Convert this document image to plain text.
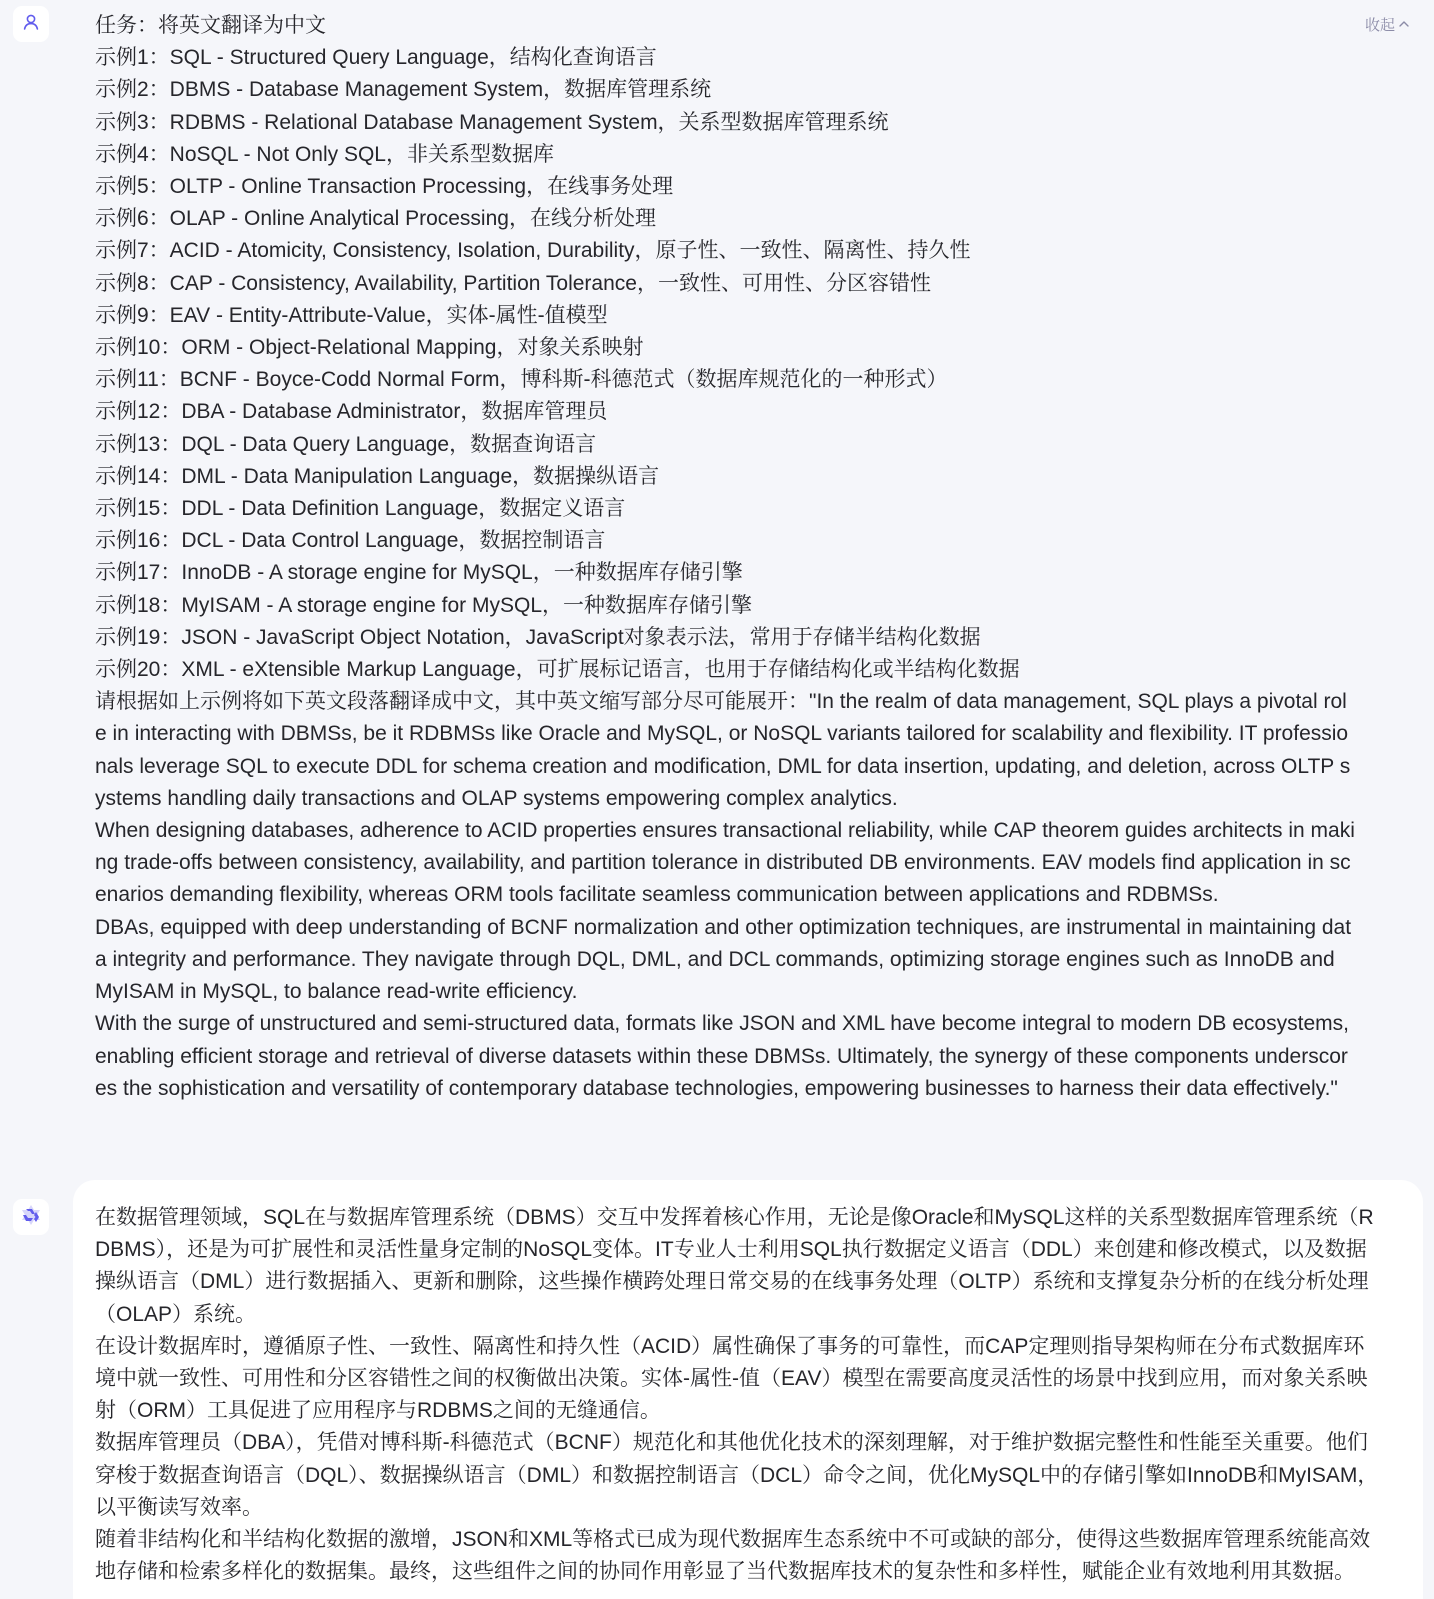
收起
任务：将英文翻译为中文
示例1：SQL - Structured Query Language，结构化查询语言
示例2：DBMS - Database Management System，数据库管理系统
示例3：RDBMS - Relational Database Management System，关系型数据库管理系统
示例4：NoSQL - Not Only SQL，非关系型数据库
示例5：OLTP - Online Transaction Processing，在线事务处理
示例6：OLAP - Online Analytical Processing，在线分析处理
示例7：ACID - Atomicity, Consistency, Isolation, Durability，原子性、一致性、隔离性、持久性
示例8：CAP - Consistency, Availability, Partition Tolerance，一致性、可用性、分区容错性
示例9：EAV - Entity-Attribute-Value，实体-属性-值模型
示例10：ORM - Object-Relational Mapping，对象关系映射
示例11：BCNF - Boyce-Codd Normal Form，博科斯-科德范式（数据库规范化的一种形式）
示例12：DBA - Database Administrator，数据库管理员
示例13：DQL - Data Query Language，数据查询语言
示例14：DML - Data Manipulation Language，数据操纵语言
示例15：DDL - Data Definition Language，数据定义语言
示例16：DCL - Data Control Language，数据控制语言
示例17：InnoDB - A storage engine for MySQL，一种数据库存储引擎
示例18：MyISAM - A storage engine for MySQL，一种数据库存储引擎
示例19：JSON - JavaScript Object Notation，JavaScript对象表示法，常用于存储半结构化数据
示例20：XML - eXtensible Markup Language，可扩展标记语言，也用于存储结构化或半结构化数据
请根据如上示例将如下英文段落翻译成中文，其中英文缩写部分尽可能展开："In the realm of data management, SQL plays a pivotal role in interacting with DBMSs, be it RDBMSs like Oracle and MySQL, or NoSQL variants tailored for scalability and flexibility. IT professionals leverage SQL to execute DDL for schema creation and modification, DML for data insertion, updating, and deletion, across OLTP systems handling daily transactions and OLAP systems empowering complex analytics.
When designing databases, adherence to ACID properties ensures transactional reliability, while CAP theorem guides architects in making trade-offs between consistency, availability, and partition tolerance in distributed DB environments. EAV models find application in scenarios demanding flexibility, whereas ORM tools facilitate seamless communication between applications and RDBMSs.
DBAs, equipped with deep understanding of BCNF normalization and other optimization techniques, are instrumental in maintaining data integrity and performance. They navigate through DQL, DML, and DCL commands, optimizing storage engines such as InnoDB and MyISAM in MySQL, to balance read-write efficiency.
With the surge of unstructured and semi-structured data, formats like JSON and XML have become integral to modern DB ecosystems, enabling efficient storage and retrieval of diverse datasets within these DBMSs. Ultimately, the synergy of these components underscores the sophistication and versatility of contemporary database technologies, empowering businesses to harness their data effectively."
在数据管理领域，SQL在与数据库管理系统（DBMS）交互中发挥着核心作用，无论是像Oracle和MySQL这样的关系型数据库管理系统（RDBMS），还是为可扩展性和灵活性量身定制的NoSQL变体。IT专业人士利用SQL执行数据定义语言（DDL）来创建和修改模式，以及数据操纵语言（DML）进行数据插入、更新和删除，这些操作横跨处理日常交易的在线事务处理（OLTP）系统和支撑复杂分析的在线分析处理（OLAP）系统。
在设计数据库时，遵循原子性、一致性、隔离性和持久性（ACID）属性确保了事务的可靠性，而CAP定理则指导架构师在分布式数据库环境中就一致性、可用性和分区容错性之间的权衡做出决策。实体-属性-值（EAV）模型在需要高度灵活性的场景中找到应用，而对象关系映射（ORM）工具促进了应用程序与RDBMS之间的无缝通信。
数据库管理员（DBA），凭借对博科斯-科德范式（BCNF）规范化和其他优化技术的深刻理解，对于维护数据完整性和性能至关重要。他们穿梭于数据查询语言（DQL）、数据操纵语言（DML）和数据控制语言（DCL）命令之间，优化MySQL中的存储引擎如InnoDB和MyISAM，以平衡读写效率。
随着非结构化和半结构化数据的激增，JSON和XML等格式已成为现代数据库生态系统中不可或缺的部分，使得这些数据库管理系统能高效地存储和检索多样化的数据集。最终，这些组件之间的协同作用彰显了当代数据库技术的复杂性和多样性，赋能企业有效地利用其数据。
